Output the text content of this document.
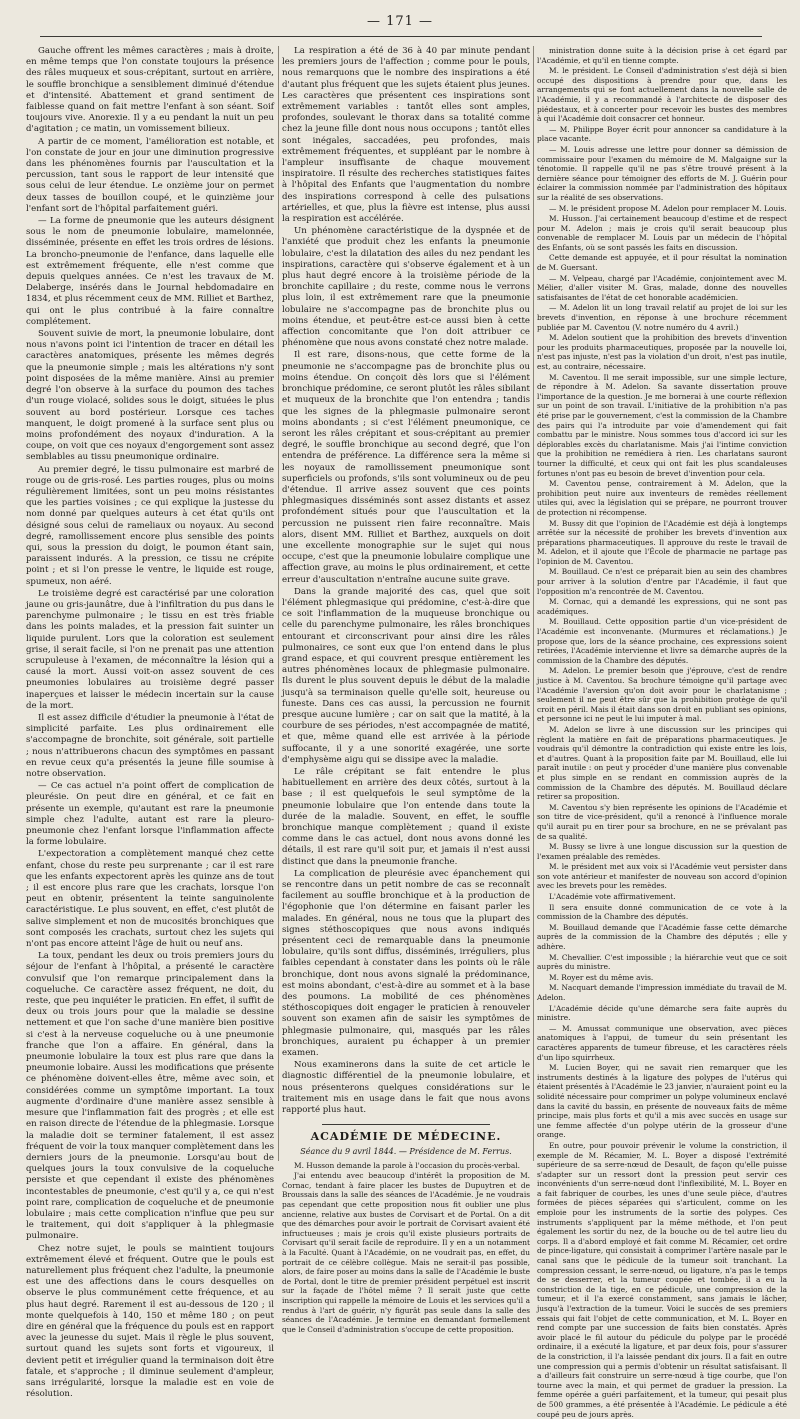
— 171 —

Gauche offrent les mêmes caractères ; mais à droite, en même temps que l'on constate toujours la présence des râles muqueux et sous-crépitant, surtout en arrière, le souffle bronchique a sensiblement diminué d'étendue et d'intensité. Abattement et grand sentiment de faiblesse quand on fait mettre l'enfant à son séant. Soif toujours vive. Anorexie. Il y a eu pendant la nuit un peu d'agitation ; ce matin, un vomissement bilieux.

A partir de ce moment, l'amélioration est notable, et l'on constate de jour en jour une diminution progressive dans les phénomènes fournis par l'auscultation et la percussion, tant sous le rapport de leur intensité que sous celui de leur étendue. Le onzième jour on permet deux tasses de bouillon coupé, et le quinzième jour l'enfant sort de l'hôpital parfaitement guéri.

— La forme de pneumonie que les auteurs désignent sous le nom de pneumonie lobulaire, mamelonnée, disséminée, présente en effet les trois ordres de lésions. La broncho-pneumonie de l'enfance, dans laquelle elle est extrêmement fréquente, elle n'est comme que depuis quelques années. Ce n'est les travaux de M. Delaberge, insérés dans le Journal hebdomadaire en 1834, et plus récemment ceux de MM. Rilliet et Barthez, qui ont le plus contribué à la faire connaître complétement.

Souvent suivie de mort, la pneumonie lobulaire, dont nous n'avons point ici l'intention de tracer en détail les caractères anatomiques, présente les mêmes degrés que la pneumonie simple ; mais les altérations n'y sont point disposées de la même manière. Ainsi au premier degré l'on observe à la surface du poumon des taches d'un rouge violacé, solides sous le doigt, situées le plus souvent au bord postérieur. Lorsque ces taches manquent, le doigt promené à la surface sent plus ou moins profondément des noyaux d'induration. A la coupe, on voit que ces noyaux d'engorgement sont assez semblables au tissu pneumonique ordinaire.

Au premier degré, le tissu pulmonaire est marbré de rouge ou de gris-rosé. Les parties rouges, plus ou moins régulièrement limitées, sont un peu moins résistantes que les parties voisines ; ce qui explique la justesse du nom donné par quelques auteurs à cet état qu'ils ont désigné sous celui de rameliaux ou noyaux. Au second degré, ramollissement encore plus sensible des points qui, sous la pression du doigt, le poumon étant sain, paraissent indurés. A la pression, ce tissu ne crépite point ; et si l'on presse le ventre, le liquide est rouge, spumeux, non aéré.

Le troisième degré est caractérisé par une coloration jaune ou gris-jaunâtre, due à l'infiltration du pus dans le parenchyme pulmonaire ; le tissu en est très friable dans les points malades, et la pression fait suinter un liquide purulent. Lors que la coloration est seulement grise, il serait facile, si l'on ne prenait pas une attention scrupuleuse à l'examen, de méconnaître la lésion qui a causé la mort. Aussi voit-on assez souvent de ces pneumonies lobulaires au troisième degré passer inaperçues et laisser le médecin incertain sur la cause de la mort.

Il est assez difficile d'étudier la pneumonie à l'état de simplicité parfaite. Les plus ordinairement elle s'accompagne de bronchite, soit générale, soit partielle ; nous n'attribuerons chacun des symptômes en passant en revue ceux qu'a présentés la jeune fille soumise à notre observation.

— Ce cas actuel n'a point offert de complication de pleurésie. On peut dire en général, et ce fait en présente un exemple, qu'autant est rare la pneumonie simple chez l'adulte, autant est rare la pleuro-pneumonie chez l'enfant lorsque l'inflammation affecte la forme lobulaire.

L'expectoration a complètement manqué chez cette enfant, chose du reste peu surprenante ; car il est rare que les enfants expectorent après les quinze ans de tout ; il est encore plus rare que les crachats, lorsque l'on peut en obtenir, présentent la teinte sanguinolente caractéristique. Le plus souvent, en effet, c'est plutôt de salive simplement et non de mucosités bronchiques que sont composés les crachats, surtout chez les sujets qui n'ont pas encore atteint l'âge de huit ou neuf ans.

La toux, pendant les deux ou trois premiers jours du séjour de l'enfant à l'hôpital, a présenté le caractère convulsif que l'on remarque principalement dans la coqueluche. Ce caractère assez fréquent, ne doit, du reste, que peu inquiéter le praticien. En effet, il suffit de deux ou trois jours pour que la maladie se dessine nettement et que l'on sache d'une manière bien positive si c'est à la nerveuse coqueluche ou à une pneumonie franche que l'on a affaire. En général, dans la pneumonie lobulaire la toux est plus rare que dans la pneumonie lobaire. Aussi les modifications que présente ce phénomène doivent-elles être, même avec soin, et considérées comme un symptôme important. La toux augmente d'ordinaire d'une manière assez sensible à mesure que l'inflammation fait des progrès ; et elle est en raison directe de l'étendue de la phlegmasie. Lorsque la maladie doit se terminer fatalement, il est assez fréquent de voir la toux manquer complètement dans les derniers jours de la pneumonie. Lorsqu'au bout de quelques jours la toux convulsive de la coqueluche persiste et que cependant il existe des phénomènes incontestables de pneumonie, c'est qu'il y a, ce qui n'est point rare, complication de coqueluche et de pneumonie lobulaire ; mais cette complication n'influe que peu sur le traitement, qui doit s'appliquer à la phlegmasie pulmonaire.

Chez notre sujet, le pouls se maintient toujours extrêmement élevé et fréquent. Outre que le pouls est naturellement plus fréquent chez l'adulte, la pneumonie est une des affections dans le cours desquelles on observe le plus communément cette fréquence, et au plus haut degré. Rarement il est au-dessous de 120 ; il monte quelquefois à 140, 150 et même 180 ; on peut dire en général que la fréquence du pouls est en rapport avec la jeunesse du sujet. Mais il règle le plus souvent, surtout quand les sujets sont forts et vigoureux, il devient petit et irrégulier quand la terminaison doit être fatale, et s'approche ; il diminue seulement d'ampleur, sans irrégularité, lorsque la maladie est en voie de résolution.

La respiration a été de 36 à 40 par minute pendant les premiers jours de l'affection ; comme pour le pouls, nous remarquons que le nombre des inspirations a été d'autant plus fréquent que les sujets étaient plus jeunes. Les caractères que présentent ces inspirations sont extrêmement variables : tantôt elles sont amples, profondes, soulevant le thorax dans sa totalité comme chez la jeune fille dont nous nous occupons ; tantôt elles sont inégales, saccadées, peu profondes, mais extrêmement fréquentes, et suppléant par le nombre à l'ampleur insuffisante de chaque mouvement inspiratoire. Il résulte des recherches statistiques faites à l'hôpital des Enfants que l'augmentation du nombre des inspirations correspond à celle des pulsations artérielles, et que, plus la fièvre est intense, plus aussi la respiration est accélérée.

Un phénomène caractéristique de la dyspnée et de l'anxiété que produit chez les enfants la pneumonie lobulaire, c'est la dilatation des ailes du nez pendant les inspirations, caractère qui s'observe également et à un plus haut degré encore à la troisième période de la bronchite capillaire ; du reste, comme nous le verrons plus loin, il est extrêmement rare que la pneumonie lobulaire ne s'accompagne pas de bronchite plus ou moins étendue, et peut-être est-ce aussi bien à cette affection concomitante que l'on doit attribuer ce phénomène que nous avons constaté chez notre malade.

Il est rare, disons-nous, que cette forme de la pneumonie ne s'accompagne pas de bronchite plus ou moins étendue. On conçoit dès lors que si l'élément bronchique prédomine, ce seront plutôt les râles sibilant et muqueux de la bronchite que l'on entendra ; tandis que les signes de la phlegmasie pulmonaire seront moins abondants ; si c'est l'élément pneumonique, ce seront les râles crépitant et sous-crépitant au premier degré, le souffle bronchique au second degré, que l'on entendra de préférence. La différence sera la même si les noyaux de ramollissement pneumonique sont superficiels ou profonds, s'ils sont volumineux ou de peu d'étendue. Il arrive assez souvent que ces points phlegmasiques disséminés sont assez distants et assez profondément situés pour que l'auscultation et la percussion ne puissent rien faire reconnaître. Mais alors, disent MM. Rilliet et Barthez, auxquels on doit une excellente monographie sur le sujet qui nous occupe, c'est que la pneumonie lobulaire complique une affection grave, au moins le plus ordinairement, et cette erreur d'auscultation n'entraîne aucune suite grave.

Dans la grande majorité des cas, quel que soit l'élément phlegmasique qui prédomine, c'est-à-dire que ce soit l'inflammation de la muqueuse bronchique ou celle du parenchyme pulmonaire, les râles bronchiques entourant et circonscrivant pour ainsi dire les râles pulmonaires, ce sont eux que l'on entend dans le plus grand espace, et qui couvrent presque entièrement les autres phénomènes locaux de phlegmasie pulmonaire. Ils durent le plus souvent depuis le début de la maladie jusqu'à sa terminaison quelle qu'elle soit, heureuse ou funeste. Dans ces cas aussi, la percussion ne fournit presque aucune lumière ; car on sait que la matité, à la courbure de ses périodes, n'est accompagnée de matité, et que, même quand elle est arrivée à la période suffocante, il y a une sonorité exagérée, une sorte d'emphysème aigu qui se dissipe avec la maladie.

Le râle crépitant se fait entendre le plus habituellement en arrière des deux côtés, surtout à la base ; il est quelquefois le seul symptôme de la pneumonie lobulaire que l'on entende dans toute la durée de la maladie. Souvent, en effet, le souffle bronchique manque complètement ; quand il existe comme dans le cas actuel, dont nous avons donné les détails, il est rare qu'il soit pur, et jamais il n'est aussi distinct que dans la pneumonie franche.

La complication de pleurésie avec épanchement qui se rencontre dans un petit nombre de cas se reconnaît facilement au souffle bronchique et à la production de l'égophonie que l'on détermine en faisant parler les malades. En général, nous ne tous que la plupart des signes stéthoscopiques que nous avons indiqués présentent ceci de remarquable dans la pneumonie lobulaire, qu'ils sont diffus, disséminés, irréguliers, plus faibles cependant à constater dans les points où le râle bronchique, dont nous avons signalé la prédominance, est moins abondant, c'est-à-dire au sommet et à la base des poumons. La mobilité de ces phénomènes stéthoscopiques doit engager le praticien à renouveler souvent son examen afin de saisir les symptômes de phlegmasie pulmonaire, qui, masqués par les râles bronchiques, auraient pu échapper à un premier examen.

Nous examinerons dans la suite de cet article le diagnostic différentiel de la pneumonie lobulaire, et nous présenterons quelques considérations sur le traitement mis en usage dans le fait que nous avons rapporté plus haut.

ACADÉMIE DE MÉDECINE.
Séance du 9 avril 1844. — Présidence de M. Ferrus.

M. Husson demande la parole à l'occasion du procès-verbal.

J'ai entendu avec beaucoup d'intérêt la proposition de M. Cornac, tendant à faire placer les bustes de Dupuytren et de Broussais dans la salle des séances de l'Académie. Je ne voudrais pas cependant que cette proposition nous fit oublier une plus ancienne, relative aux bustes de Corvisart et de Portal. On a dit que des démarches pour avoir le portrait de Corvisart avaient été infructueuses ; mais je crois qu'il existe plusieurs portraits de Corvisart qu'il serait facile de reproduire. Il y en a un notamment à la Faculté. Quant à l'Académie, on ne voudrait pas, en effet, du portrait de ce célèbre collègue. Mais ne serait-il pas possible, alors, de faire poser au moins dans la salle de l'Académie le buste de Portal, dont le titre de premier président perpétuel est inscrit sur la façade de l'hôtel même ? Il serait juste que cette inscription qui rappelle la mémoire de Louis et les services qu'il a rendus à l'art de guérir, n'y figurât pas seule dans la salle des séances de l'Académie. Je termine en demandant formellement que le Conseil d'administration s'occupe de cette proposition.

ministration donne suite à la décision prise à cet égard par l'Académie, et qu'il en tienne compte.

M. le président. Le Conseil d'administration s'est déjà si bien occupé des dispositions à prendre pour que, dans les arrangements qui se font actuellement dans la nouvelle salle de l'Académie, il y a recommandé à l'architecte de disposer des piédestaux, et à concerter pour recevoir les bustes des membres à qui l'Académie doit consacrer cet honneur.

— M. Philippe Boyer écrit pour annoncer sa candidature à la place vacante.

— M. Louis adresse une lettre pour donner sa démission de commissaire pour l'examen du mémoire de M. Malgaigne sur la ténotomie. Il rappelle qu'il ne pas s'être trouvé présent à la dernière séance pour témoigner des efforts de M. J. Guérin pour éclairer la commission nommée par l'administration des hôpitaux sur la réalité de ses observations.

— M. le président propose M. Adelon pour remplacer M. Louis.

M. Husson. J'ai certainement beaucoup d'estime et de respect pour M. Adelon ; mais je crois qu'il serait beaucoup plus convenable de remplacer M. Louis par un médecin de l'hôpital des Enfants, où se sont passés les faits en discussion.

Cette demande est appuyée, et il pour résultat la nomination de M. Guersant.

— M. Velpeau, chargé par l'Académie, conjointement avec M. Mélier, d'aller visiter M. Gras, malade, donne des nouvelles satisfaisantes de l'état de cet honorable académicien.

— M. Adelon lit un long travail relatif au projet de loi sur les brevets d'invention, en réponse à une brochure récemment publiée par M. Caventou (V. notre numéro du 4 avril.)

M. Adelon soutient que la prohibition des brevets d'invention pour les produits pharmaceutiques, proposée par la nouvelle loi, n'est pas injuste, n'est pas la violation d'un droit, n'est pas inutile, est, au contraire, nécessaire.

M. Caventou. Il me serait impossible, sur une simple lecture, de répondre à M. Adelon. Sa savante dissertation prouve l'importance de la question. Je me bornerai à une courte réflexion sur un point de son travail. L'initiative de la prohibition n'a pas été prise par le gouvernement, c'est la commission de la Chambre des pairs qui l'a introduite par voie d'amendement qui fait combattu par le ministre. Nous sommes tous d'accord ici sur les déplorables excès du charlatanisme. Mais j'ai l'intime conviction que la prohibition ne remédiera à rien. Les charlatans sauront tourner la difficulté, et ceux qui ont fait les plus scandaleuses fortunes n'ont pas eu besoin de brevet d'invention pour cela.

M. Caventou pense, contrairement à M. Adelon, que la prohibition peut nuire aux inventeurs de remèdes réellement utiles qui, avec la législation qui se prépare, ne pourront trouver de protection ni récompense.

M. Bussy dit que l'opinion de l'Académie est déjà à longtemps arrêtée sur la nécessité de prohiber les brevets d'invention aux préparations pharmaceutiques. Il approuve du reste le travail de M. Adelon, et il ajoute que l'École de pharmacie ne partage pas l'opinion de M. Caventou.

M. Bouillaud. Ce n'est ce préparait bien au sein des chambres pour arriver à la solution d'entre par l'Académie, il faut que l'opposition m'a rencontrée de M. Caventou.

M. Cornac, qui a demandé les expressions, qui ne sont pas académiques.

M. Bouillaud. Cette opposition partie d'un vice-président de l'Académie est inconvenante. (Murmures et réclamations.) Je propose que, lors de la séance prochaine, ces expressions soient retirées, l'Académie intervienne et livre sa démarche auprès de la commission de la Chambre des députés.

M. Adelon. Le premier besoin que j'éprouve, c'est de rendre justice à M. Caventou. Sa brochure témoigne qu'il partage avec l'Académie l'aversion qu'on doit avoir pour le charlatanisme ; seulement il ne peut être sûr que la prohibition protège de qu'il croit en péril. Mais il était dans son droit en publiant ses opinions, et personne ici ne peut le lui imputer à mal.

M. Adelon se livre à une discussion sur les principes qui règlent la matière en fait de préparations pharmaceutiques. Je voudrais qu'il démontre la contradiction qui existe entre les lois, et d'autres. Quant à la proposition faite par M. Bouillaud, elle lui paraît inutile : on peut y procéder d'une manière plus convenable et plus simple en se rendant en commission auprès de la commission de la Chambre des députés. M. Bouillaud déclare retirer sa proposition.

M. Caventou s'y bien représente les opinions de l'Académie et son titre de vice-président, qu'il a renoncé à l'influence morale qu'il aurait pu en tirer pour sa brochure, en ne se prévalant pas de sa qualité.

M. Bussy se livre à une longue discussion sur la question de l'examen préalable des remèdes.

M. le président met aux voix si l'Académie veut persister dans son vote antérieur et manifester de nouveau son accord d'opinion avec les brevets pour les remèdes.

L'Académie vote affirmativement.

Il sera ensuite donné communication de ce vote à la commission de la Chambre des députés.

M. Bouillaud demande que l'Académie fasse cette démarche auprès de la commission de la Chambre des députés ; elle y adhère.

M. Chevallier. C'est impossible ; la hiérarchie veut que ce soit auprès du ministre.

M. Royer est du même avis.

M. Nacquart demande l'impression immédiate du travail de M. Adelon.

L'Académie décide qu'une démarche sera faite auprès du ministre.

— M. Amussat communique une observation, avec pièces anatomiques à l'appui, de tumeur du sein présentant les caractères apparents de tumeur fibreuse, et les caractères réels d'un lipo squirrheux.

M. Lucien Boyer, qui ne savait rien remarquer que les instruments destinés à la ligature des polypes de l'utérus qui étaient présentés à l'Académie le 23 janvier, n'auraient point eu la solidité nécessaire pour comprimer un polype volumineux enclavé dans la cavité du bassin, en présente de nouveaux faits de même principe, mais plus forts et qu'il a mis avec succès en usage sur une femme affectée d'un polype utérin de la grosseur d'une orange.

En outre, pour pouvoir prévenir le volume la constriction, il exemple de M. Récamier, M. L. Boyer a disposé l'extrémité supérieure de sa serre-nœud de Desault, de façon qu'elle puisse s'adapter sur un ressort dont la pression peut servir ces inconvénients d'un serre-nœud dont l'inflexibilité, M. L. Boyer en a fait fabriquer de courbes, les unes d'une seule pièce, d'autres formées de pièces séparées qui s'articulent, comme on les emploie pour les instruments de la sortie des polypes. Ces instruments s'appliquent par la même méthode, et l'on peut également les sortir du nez, de la bouche ou de tel autre lieu du corps. Il a d'abord employé et fait comme M. Récamier, cet ordre de pince-ligature, qui consistait à comprimer l'artère nasale par le canal sans que le pédicule de la tumeur soit tranchant. La compression cessant, le serre-nœud, ou ligature, n'a pas le temps de se desserrer, et la tumeur coupée et tombée, il a eu la constriction de la tige, en ce pédicule, une compression de la tumeur, et il l'a exercé constamment, sans jamais le lâcher, jusqu'à l'extraction de la tumeur. Voici le succès de ses premiers essais qui fait l'objet de cette communication, et M. L. Boyer en rend compte par une succession de faits bien constatés. Après avoir placé le fil autour du pédicule du polype par le procédé ordinaire, il a exécuté la ligature, et par deux fois, pour s'assurer de la constriction, il l'a laissée pendant dix jours. Il a fait en outre une compression qui a permis d'obtenir un résultat satisfaisant. Il a d'ailleurs fait construire un serre-nœud à tige courbe, que l'on tourne avec la main, et qui permet de graduer la pression. La femme opérée a guéri parfaitement, et la tumeur, qui pesait plus de 500 grammes, a été présentée à l'Académie. Le pédicule a été coupé peu de jours après.
